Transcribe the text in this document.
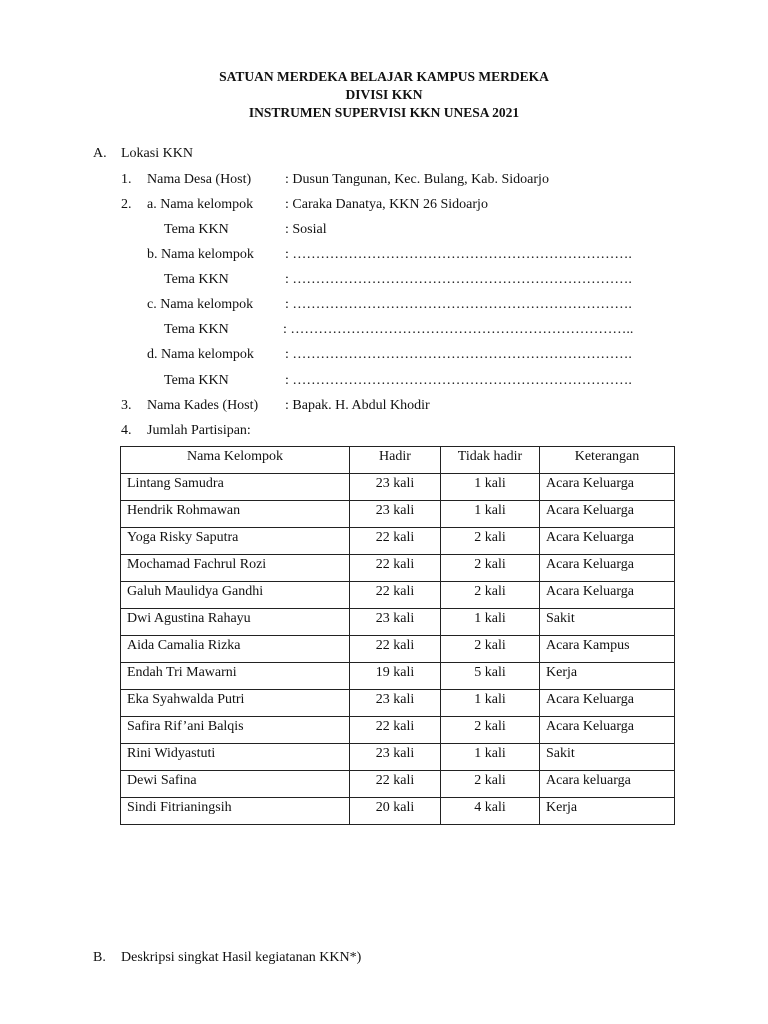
SATUAN MERDEKA BELAJAR KAMPUS MERDEKA
DIVISI KKN
INSTRUMEN SUPERVISI KKN UNESA 2021
A. Lokasi KKN
1. Nama Desa (Host) : Dusun Tangunan, Kec. Bulang, Kab. Sidoarjo
2. a. Nama kelompok : Caraka Danatya, KKN 26 Sidoarjo
Tema KKN	: Sosial
b. Nama kelompok : ……………………………………………………………….
Tema KKN	: ……………………………………………………………….
c. Nama kelompok : ……………………………………………………………….
Tema KKN	: ………………………………………………………………..
d. Nama kelompok : ……………………………………………………………….
Tema KKN	: ……………………………………………………………….
3. Nama Kades (Host) : Bapak. H. Abdul Khodir
4. Jumlah Partisipan:
Nama Kelompok	Hadir	Tidak hadir	Keterangan
Lintang Samudra	23 kali	1 kali	Acara Keluarga
Hendrik Rohmawan	23 kali	1 kali	Acara Keluarga
Yoga Risky Saputra	22 kali	2 kali	Acara Keluarga
Mochamad Fachrul Rozi	22 kali	2 kali	Acara Keluarga
Galuh Maulidya Gandhi	22 kali	2 kali	Acara Keluarga
Dwi Agustina Rahayu	23 kali	1 kali	Sakit
Aida Camalia Rizka	22 kali	2 kali	Acara Kampus
Endah Tri Mawarni	19 kali	5 kali	Kerja
Eka Syahwalda Putri	23 kali	1 kali	Acara Keluarga
Safira Rif’ani Balqis	22 kali	2 kali	Acara Keluarga
Rini Widyastuti	23 kali	1 kali	Sakit
Dewi Safina	22 kali	2 kali	Acara keluarga
Sindi Fitrianingsih	20 kali	4 kali	Kerja
B. Deskripsi singkat Hasil kegiatanan KKN*)
